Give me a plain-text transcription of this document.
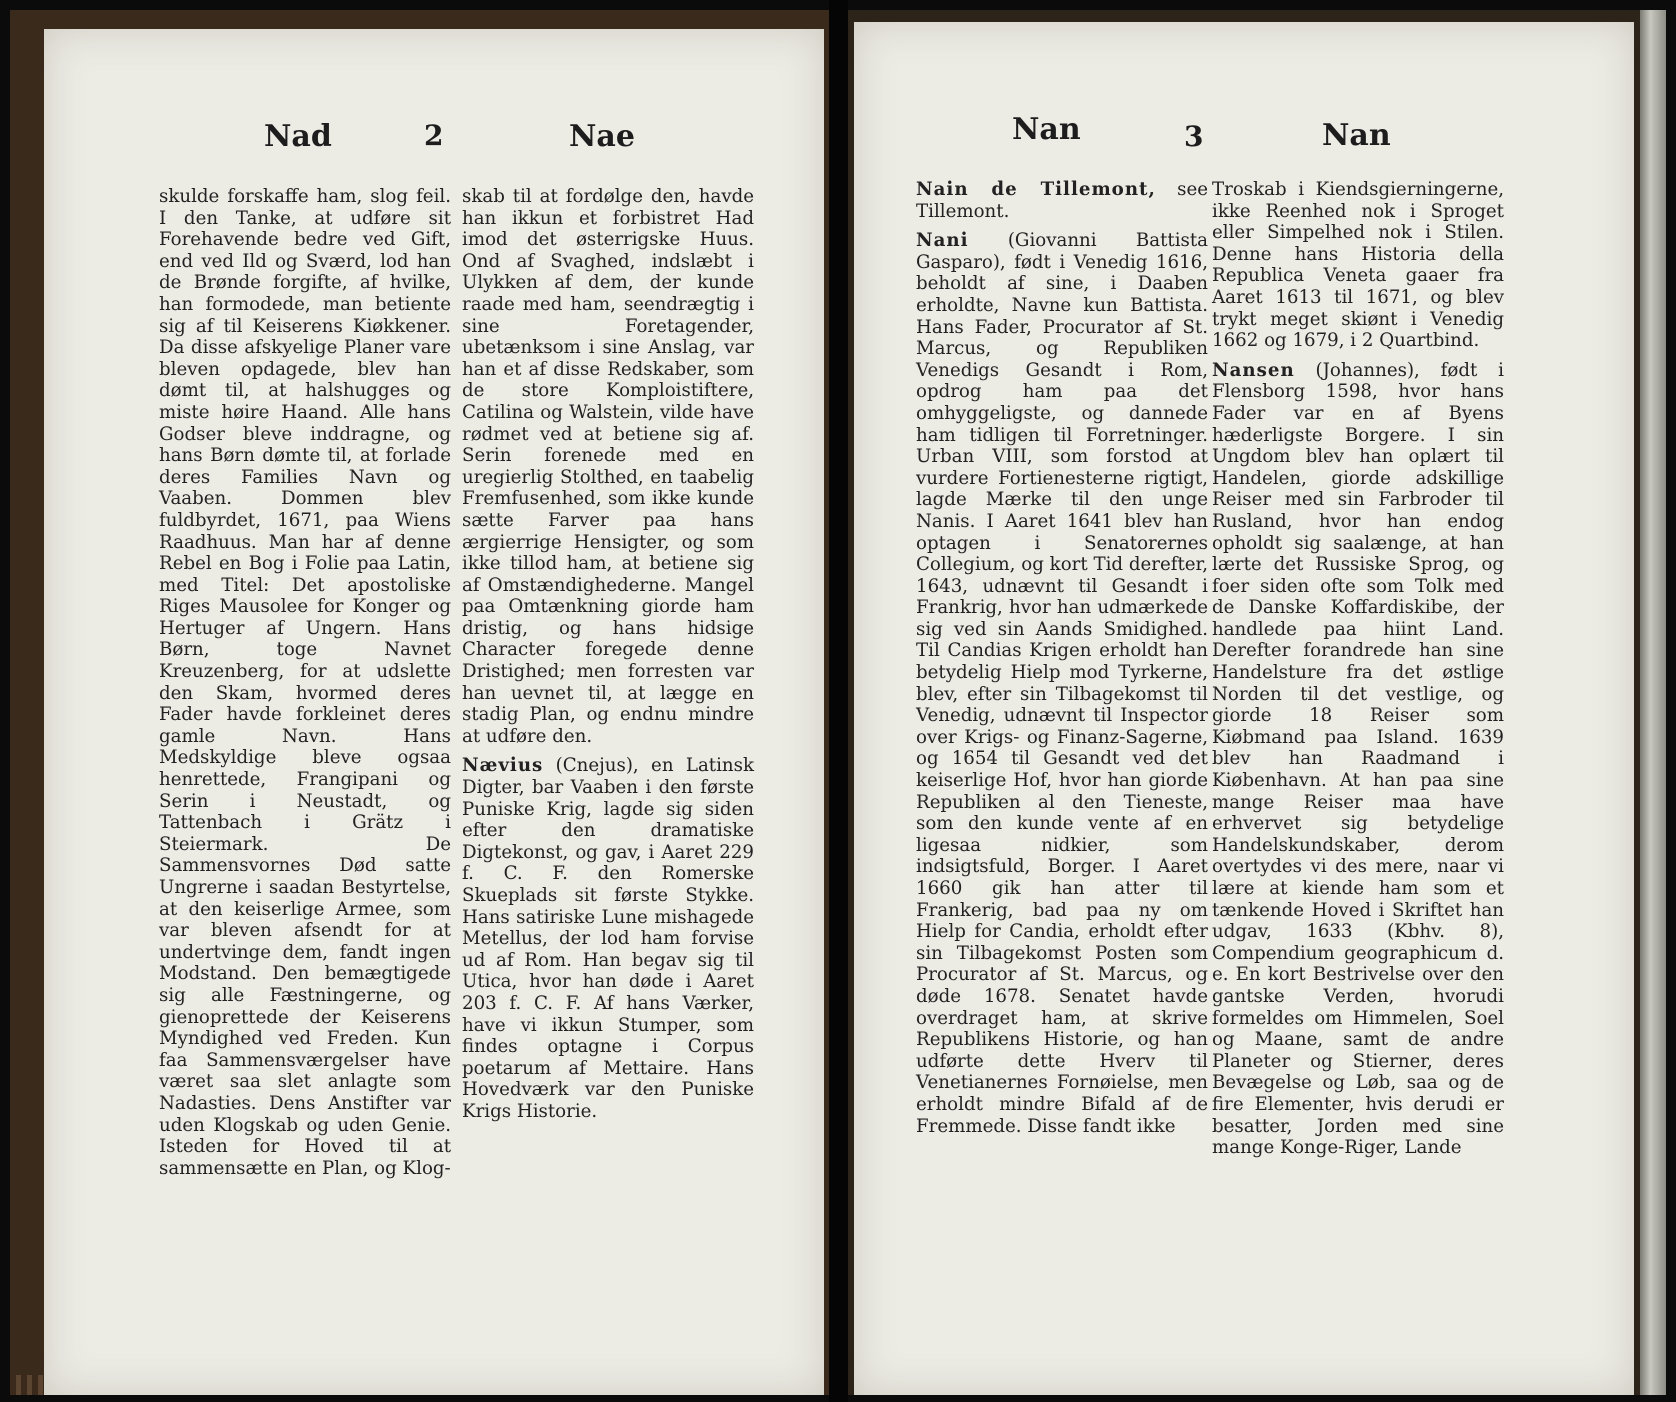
Nad	2	Nae

skulde forskaffe ham, slog feil. I den Tanke, at udføre sit Forehavende bedre ved Gift, end ved Ild og Sværd, lod han de Brønde forgifte, af hvilke, han formodede, man betiente sig af til Keiserens Kiøkkener. Da disse afskyelige Planer vare bleven opdagede, blev han dømt til, at halshugges og miste høire Haand. Alle hans Godser bleve inddragne, og hans Børn dømte til, at forlade deres Families Navn og Vaaben. Dommen blev fuldbyrdet, 1671, paa Wiens Raadhuus. Man har af denne Rebel en Bog i Folie paa Latin, med Titel: Det apostoliske Riges Mausolee for Konger og Hertuger af Ungern. Hans Børn, toge Navnet Kreuzenberg, for at udslette den Skam, hvormed deres Fader havde forkleinet deres gamle Navn. Hans Medskyldige bleve ogsaa henrettede, Frangipani og Serin i Neustadt, og Tattenbach i Grätz i Steiermark. De Sammensvornes Død satte Ungrerne i saadan Bestyrtelse, at den keiserlige Armee, som var bleven afsendt for at undertvinge dem, fandt ingen Modstand. Den bemægtigede sig alle Fæstningerne, og gienoprettede der Keiserens Myndighed ved Freden. Kun faa Sammensværgelser have været saa slet anlagte som Nadasties. Dens Anstifter var uden Klogskab og uden Genie. Isteden for Hoved til at sammensætte en Plan, og Klog-

skab til at fordølge den, havde han ikkun et forbistret Had imod det østerrigske Huus. Ond af Svaghed, indslæbt i Ulykken af dem, der kunde raade med ham, seendrægtig i sine Foretagender, ubetænksom i sine Anslag, var han et af disse Redskaber, som de store Komploistiftere, Catilina og Walstein, vilde have rødmet ved at betiene sig af. Serin forenede med en uregierlig Stolthed, en taabelig Fremfusenhed, som ikke kunde sætte Farver paa hans ærgierrige Hensigter, og som ikke tillod ham, at betiene sig af Omstændighederne. Mangel paa Omtænkning giorde ham dristig, og hans hidsige Character foregede denne Dristighed; men forresten var han uevnet til, at lægge en stadig Plan, og endnu mindre at udføre den.

Nævius (Cnejus), en Latinsk Digter, bar Vaaben i den første Puniske Krig, lagde sig siden efter den dramatiske Digtekonst, og gav, i Aaret 229 f. C. F. den Romerske Skueplads sit første Stykke. Hans satiriske Lune mishagede Metellus, der lod ham forvise ud af Rom. Han begav sig til Utica, hvor han døde i Aaret 203 f. C. F. Af hans Værker, have vi ikkun Stumper, som findes optagne i Corpus poetarum af Mettaire. Hans Hovedværk var den Puniske Krigs Historie.

Nan	3	Nan

Nain de Tillemont, see Tillemont.

Nani (Giovanni Battista Gasparo), født i Venedig 1616, beholdt af sine, i Daaben erholdte, Navne kun Battista. Hans Fader, Procurator af St. Marcus, og Republiken Venedigs Gesandt i Rom, opdrog ham paa det omhyggeligste, og dannede ham tidligen til Forretninger. Urban VIII, som forstod at vurdere Fortienesterne rigtigt, lagde Mærke til den unge Nanis. I Aaret 1641 blev han optagen i Senatorernes Collegium, og kort Tid derefter, 1643, udnævnt til Gesandt i Frankrig, hvor han udmærkede sig ved sin Aands Smidighed. Til Candias Krigen erholdt han betydelig Hielp mod Tyrkerne, blev, efter sin Tilbagekomst til Venedig, udnævnt til Inspector over Krigs- og Finanz-Sagerne, og 1654 til Gesandt ved det keiserlige Hof, hvor han giorde Republiken al den Tieneste, som den kunde vente af en ligesaa nidkier, som indsigtsfuld, Borger. I Aaret 1660 gik han atter til Frankerig, bad paa ny om Hielp for Candia, erholdt efter sin Tilbagekomst Posten som Procurator af St. Marcus, og døde 1678. Senatet havde overdraget ham, at skrive Republikens Historie, og han udførte dette Hverv til Venetianernes Fornøielse, men erholdt mindre Bifald af de Fremmede. Disse fandt ikke

Troskab i Kiendsgierningerne, ikke Reenhed nok i Sproget eller Simpelhed nok i Stilen. Denne hans Historia della Republica Veneta gaaer fra Aaret 1613 til 1671, og blev trykt meget skiønt i Venedig 1662 og 1679, i 2 Quartbind.

Nansen (Johannes), født i Flensborg 1598, hvor hans Fader var en af Byens hæderligste Borgere. I sin Ungdom blev han oplært til Handelen, giorde adskillige Reiser med sin Farbroder til Rusland, hvor han endog opholdt sig saalænge, at han lærte det Russiske Sprog, og foer siden ofte som Tolk med de Danske Koffardiskibe, der handlede paa hiint Land. Derefter forandrede han sine Handelsture fra det østlige Norden til det vestlige, og giorde 18 Reiser som Kiøbmand paa Island. 1639 blev han Raadmand i Kiøbenhavn. At han paa sine mange Reiser maa have erhvervet sig betydelige Handelskundskaber, derom overtydes vi des mere, naar vi lære at kiende ham som et tænkende Hoved i Skriftet han udgav, 1633 (Kbhv. 8), Compendium geographicum d. e. En kort Bestrivelse over den gantske Verden, hvorudi formeldes om Himmelen, Soel og Maane, samt de andre Planeter og Stierner, deres Bevægelse og Løb, saa og de fire Elementer, hvis derudi er besatter, Jorden med sine mange Konge-Riger, Lande
